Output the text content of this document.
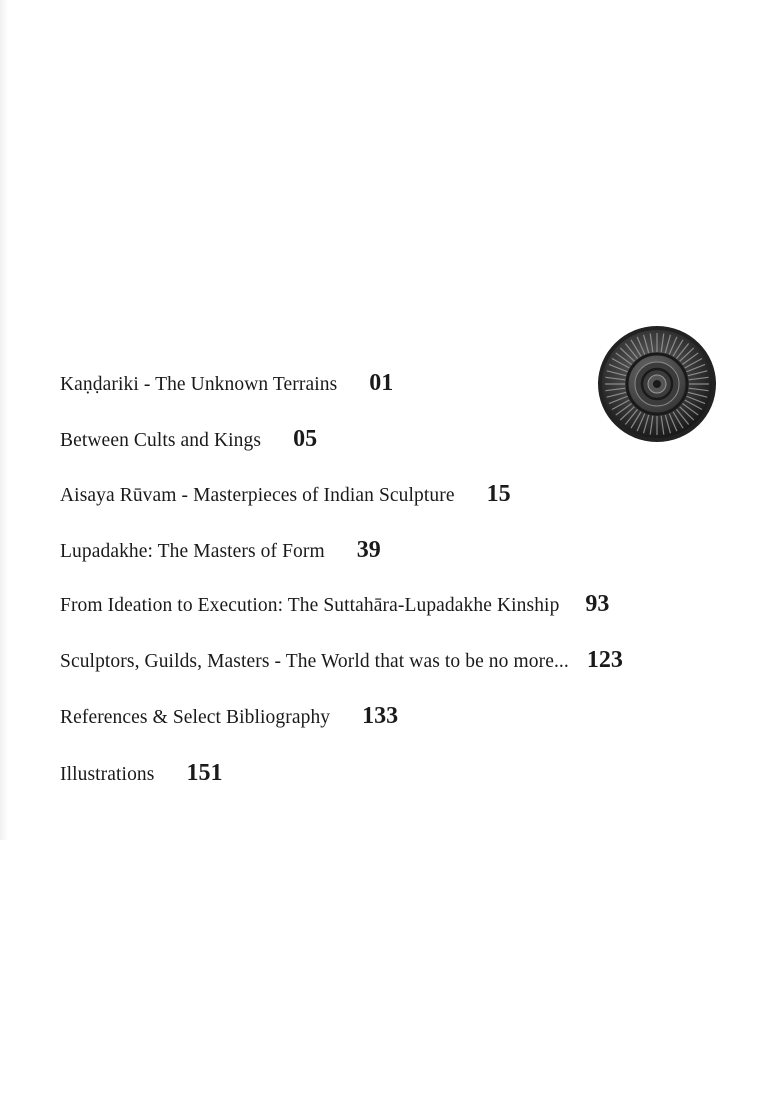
Kaṇḍariki - The Unknown Terrains 01
Between Cults and Kings 05
Aisaya Rūvam - Masterpieces of Indian Sculpture 15
Lupadakhe: The Masters of Form 39
From Ideation to Execution: The Suttahāra-Lupadakhe Kinship 93
Sculptors, Guilds, Masters - The World that was to be no more... 123
References & Select Bibliography 133
Illustrations 151
